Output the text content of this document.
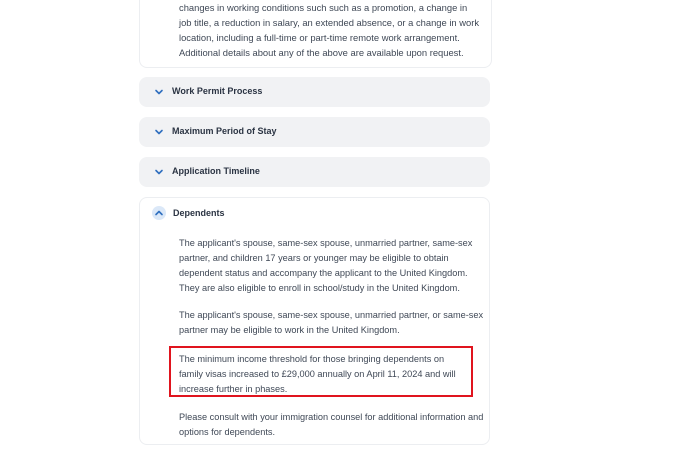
changes in working conditions such such as a promotion, a change in job title, a reduction in salary, an extended absence, or a change in work location, including a full-time or part-time remote work arrangement. Additional details about any of the above are available upon request.

Work Permit Process
Maximum Period of Stay
Application Timeline
Dependents

The applicant's spouse, same-sex spouse, unmarried partner, same-sex partner, and children 17 years or younger may be eligible to obtain dependent status and accompany the applicant to the United Kingdom. They are also eligible to enroll in school/study in the United Kingdom.

The applicant's spouse, same-sex spouse, unmarried partner, or same-sex partner may be eligible to work in the United Kingdom.

The minimum income threshold for those bringing dependents on family visas increased to £29,000 annually on April 11, 2024 and will increase further in phases.

Please consult with your immigration counsel for additional information and options for dependents.
